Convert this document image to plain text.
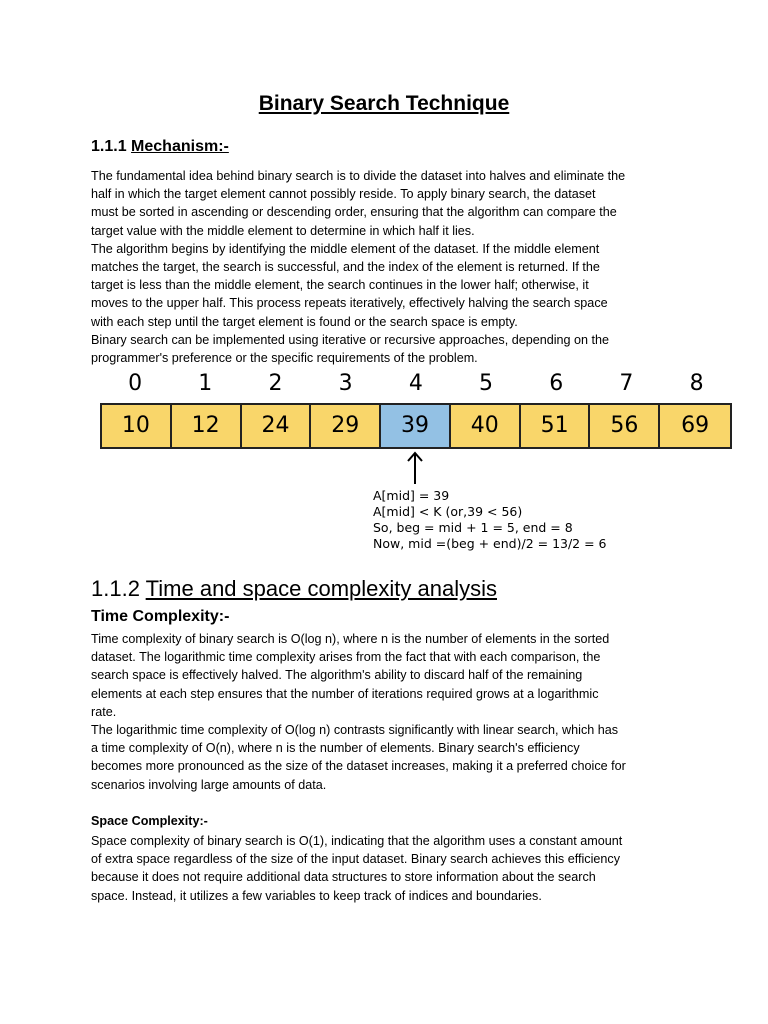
Binary Search Technique
1.1.1 Mechanism:-
The fundamental idea behind binary search is to divide the dataset into halves and eliminate the
half in which the target element cannot possibly reside. To apply binary search, the dataset
must be sorted in ascending or descending order, ensuring that the algorithm can compare the
target value with the middle element to determine in which half it lies.
The algorithm begins by identifying the middle element of the dataset. If the middle element
matches the target, the search is successful, and the index of the element is returned. If the
target is less than the middle element, the search continues in the lower half; otherwise, it
moves to the upper half. This process repeats iteratively, effectively halving the search space
with each step until the target element is found or the search space is empty.
Binary search can be implemented using iterative or recursive approaches, depending on the
programmer's preference or the specific requirements of the problem.
0	1	2	3	4	5	6	7	8
10	12	24	29	39	40	51	56	69
A[mid] = 39
A[mid] < K (or,39 < 56)
So, beg = mid + 1 = 5, end = 8
Now, mid =(beg + end)/2 = 13/2 = 6
1.1.2 Time and space complexity analysis
Time Complexity:-
Time complexity of binary search is O(log n), where n is the number of elements in the sorted
dataset. The logarithmic time complexity arises from the fact that with each comparison, the
search space is effectively halved. The algorithm's ability to discard half of the remaining
elements at each step ensures that the number of iterations required grows at a logarithmic
rate.
The logarithmic time complexity of O(log n) contrasts significantly with linear search, which has
a time complexity of O(n), where n is the number of elements. Binary search's efficiency
becomes more pronounced as the size of the dataset increases, making it a preferred choice for
scenarios involving large amounts of data.
Space Complexity:-
Space complexity of binary search is O(1), indicating that the algorithm uses a constant amount
of extra space regardless of the size of the input dataset. Binary search achieves this efficiency
because it does not require additional data structures to store information about the search
space. Instead, it utilizes a few variables to keep track of indices and boundaries.
